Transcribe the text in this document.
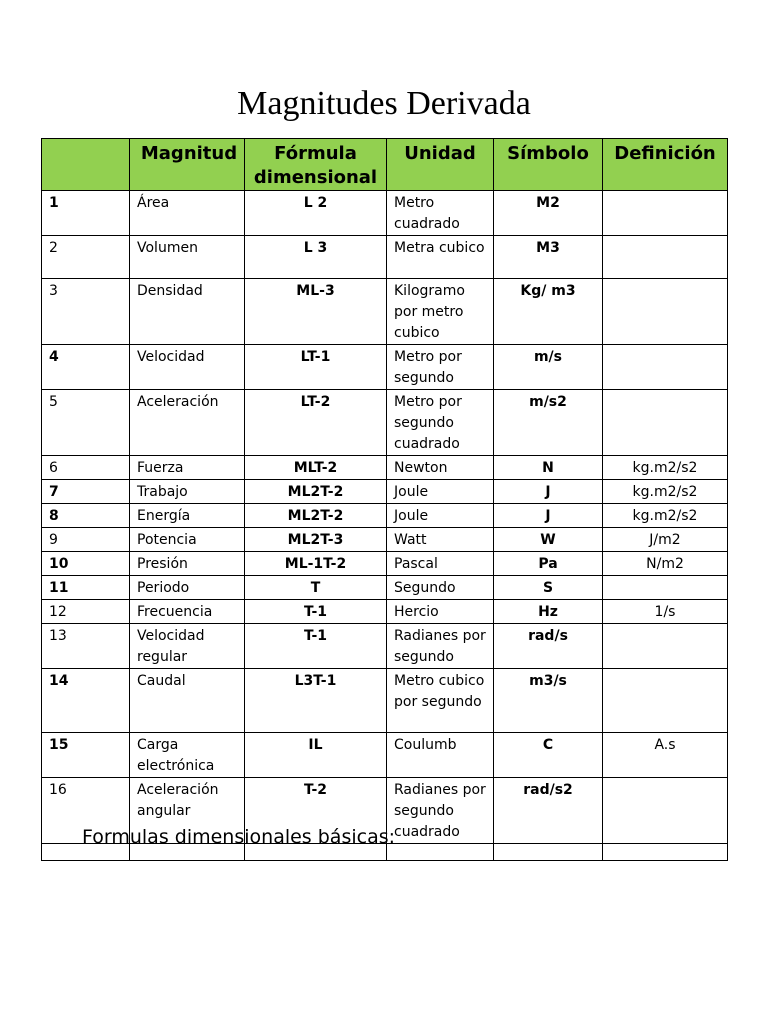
Magnitudes Derivada
	Magnitud	Fórmula dimensional	Unidad	Símbolo	Definición
1	Área	L 2	Metro cuadrado	M2	
2	Volumen	L 3	Metra cubico	M3	
3	Densidad	ML-3	Kilogramo por metro cubico	Kg/ m3	
4	Velocidad	LT-1	Metro por segundo	m/s	
5	Aceleración	LT-2	Metro por segundo cuadrado	m/s2	
6	Fuerza	MLT-2	Newton	N	kg.m2/s2
7	Trabajo	ML2T-2	Joule	J	kg.m2/s2
8	Energía	ML2T-2	Joule	J	kg.m2/s2
9	Potencia	ML2T-3	Watt	W	J/m2
10	Presión	ML-1T-2	Pascal	Pa	N/m2
11	Periodo	T	Segundo	S	
12	Frecuencia	T-1	Hercio	Hz	1/s
13	Velocidad regular	T-1	Radianes por segundo	rad/s	
14	Caudal	L3T-1	Metro cubico por segundo	m3/s	
15	Carga electrónica	IL	Coulumb	C	A.s
16	Aceleración angular	T-2	Radianes por segundo cuadrado	rad/s2	

Formulas dimensionales básicas:
